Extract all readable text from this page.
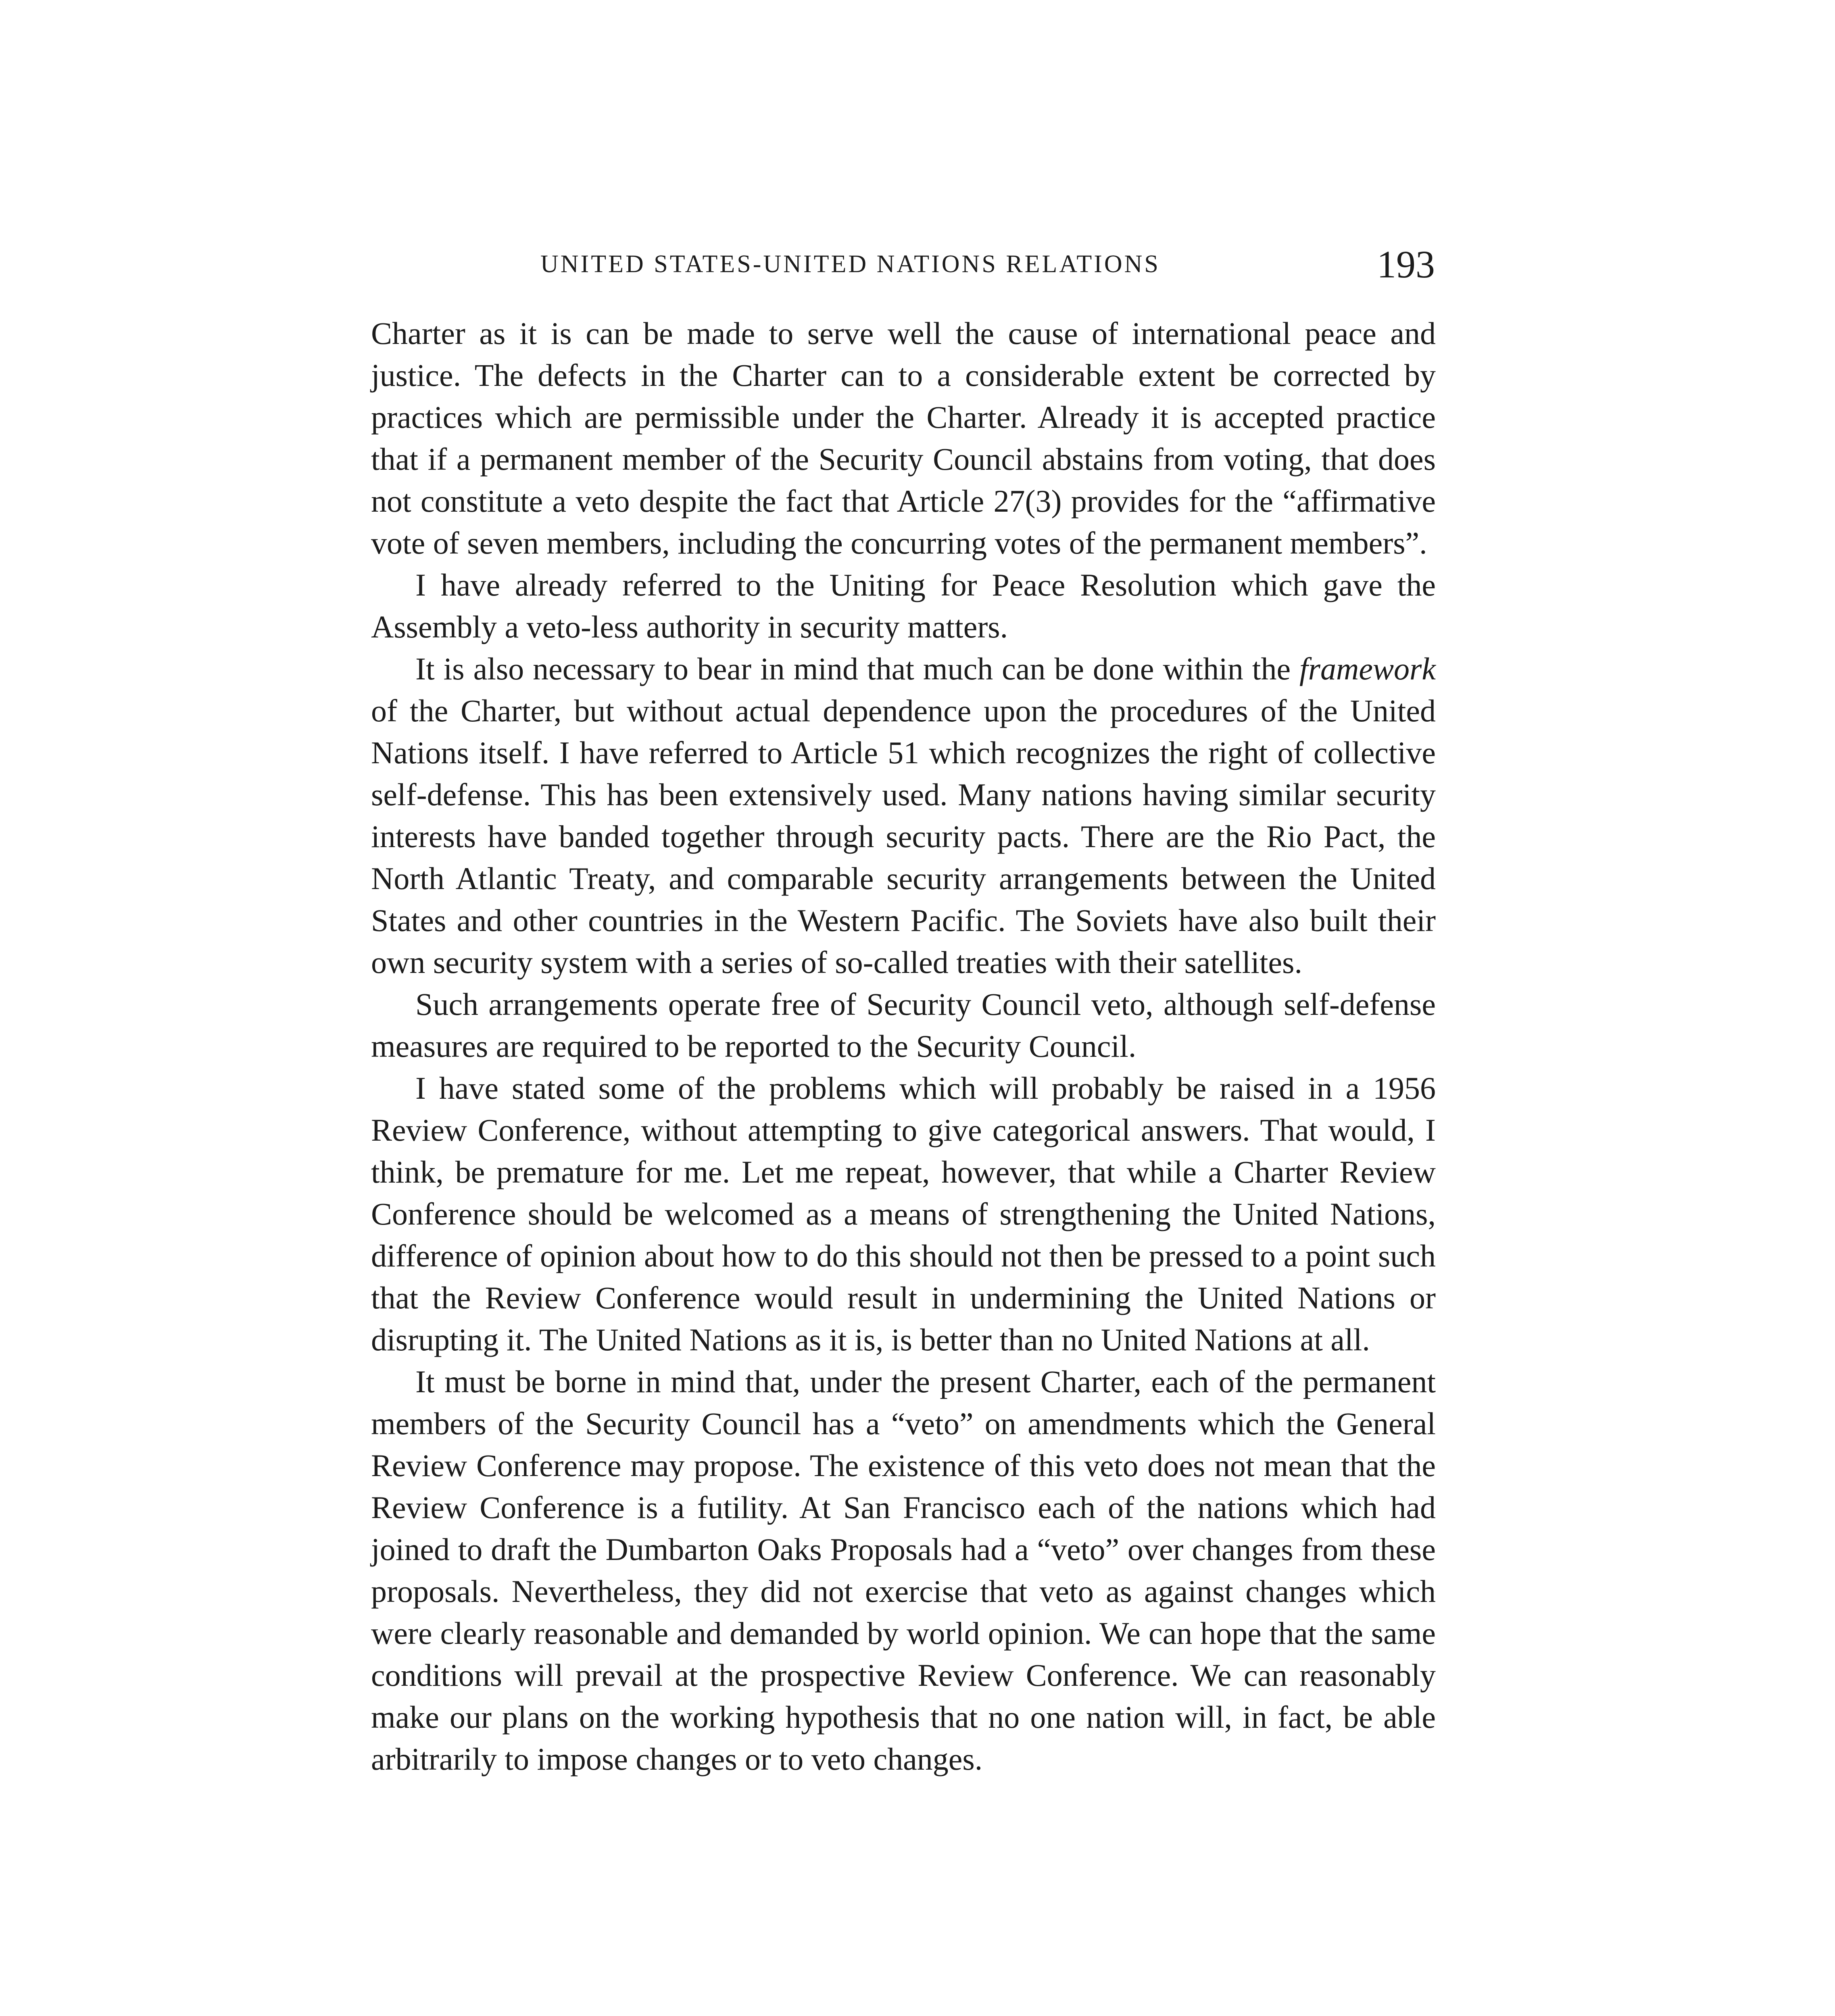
UNITED STATES-UNITED NATIONS RELATIONS	193

Charter as it is can be made to serve well the cause of international peace and justice. The defects in the Charter can to a considerable extent be corrected by practices which are permissible under the Charter. Already it is accepted practice that if a permanent member of the Security Council abstains from voting, that does not constitute a veto despite the fact that Article 27(3) provides for the “affirmative vote of seven members, including the concurring votes of the permanent members”.

I have already referred to the Uniting for Peace Resolution which gave the Assembly a veto-less authority in security matters.

It is also necessary to bear in mind that much can be done within the framework of the Charter, but without actual dependence upon the procedures of the United Nations itself. I have referred to Article 51 which recognizes the right of collective self-defense. This has been extensively used. Many nations having similar security interests have banded together through security pacts. There are the Rio Pact, the North Atlantic Treaty, and comparable security arrangements between the United States and other countries in the Western Pacific. The Soviets have also built their own security system with a series of so-called treaties with their satellites.

Such arrangements operate free of Security Council veto, although self-defense measures are required to be reported to the Security Council.

I have stated some of the problems which will probably be raised in a 1956 Review Conference, without attempting to give categorical answers. That would, I think, be premature for me. Let me repeat, however, that while a Charter Review Conference should be welcomed as a means of strengthening the United Nations, difference of opinion about how to do this should not then be pressed to a point such that the Review Conference would result in undermining the United Nations or disrupting it. The United Nations as it is, is better than no United Nations at all.

It must be borne in mind that, under the present Charter, each of the permanent members of the Security Council has a “veto” on amendments which the General Review Conference may propose. The existence of this veto does not mean that the Review Conference is a futility. At San Francisco each of the nations which had joined to draft the Dumbarton Oaks Proposals had a “veto” over changes from these proposals. Nevertheless, they did not exercise that veto as against changes which were clearly reasonable and demanded by world opinion. We can hope that the same conditions will prevail at the prospective Review Conference. We can reasonably make our plans on the working hypothesis that no one nation will, in fact, be able arbitrarily to impose changes or to veto changes.
